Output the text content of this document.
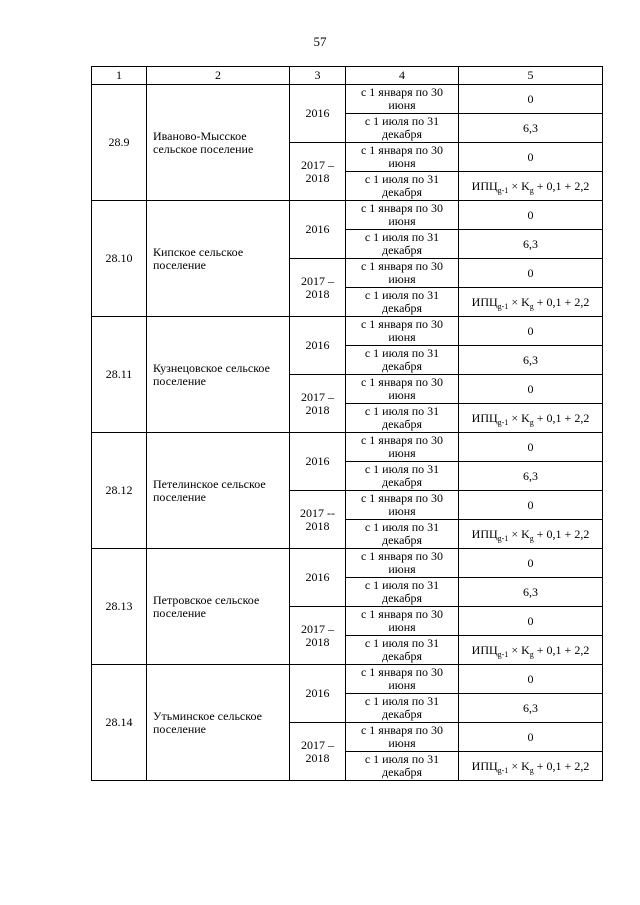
57
1	2	3	4	5
28.9	Иваново-Мысское сельское поселение	2016	с 1 января по 30 июня	0
			с 1 июля по 31 декабря	6,3
		2017 – 2018	с 1 января по 30 июня	0
			с 1 июля по 31 декабря	$ИПЦ_{g-1} \times K_g + 0,1 + 2,2$
28.10	Кипское сельское поселение	2016	с 1 января по 30 июня	0
			с 1 июля по 31 декабря	6,3
		2017 – 2018	с 1 января по 30 июня	0
			с 1 июля по 31 декабря	$ИПЦ_{g-1} \times K_g + 0,1 + 2,2$
28.11	Кузнецовское сельское поселение	2016	с 1 января по 30 июня	0
			с 1 июля по 31 декабря	6,3
		2017 – 2018	с 1 января по 30 июня	0
			с 1 июля по 31 декабря	$ИПЦ_{g-1} \times K_g + 0,1 + 2,2$
28.12	Петелинское сельское поселение	2016	с 1 января по 30 июня	0
			с 1 июля по 31 декабря	6,3
		2017 -- 2018	с 1 января по 30 июня	0
			с 1 июля по 31 декабря	$ИПЦ_{g-1} \times K_g + 0,1 + 2,2$
28.13	Петровское сельское поселение	2016	с 1 января по 30 июня	0
			с 1 июля по 31 декабря	6,3
		2017 – 2018	с 1 января по 30 июня	0
			с 1 июля по 31 декабря	$ИПЦ_{g-1} \times K_g + 0,1 + 2,2$
28.14	Утьминское сельское поселение	2016	с 1 января по 30 июня	0
			с 1 июля по 31 декабря	6,3
		2017 – 2018	с 1 января по 30 июня	0
			с 1 июля по 31 декабря	$ИПЦ_{g-1} \times K_g + 0,1 + 2,2$
